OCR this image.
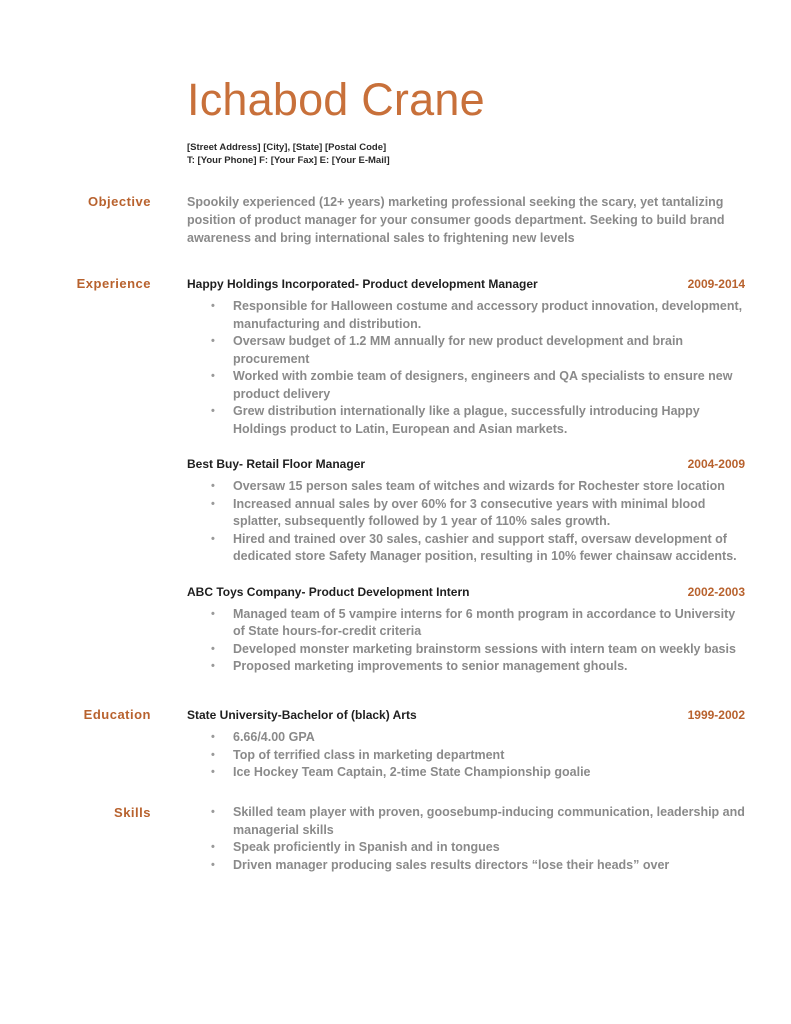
Ichabod Crane
[Street Address] [City], [State] [Postal Code]
T: [Your Phone] F: [Your Fax] E: [Your E-Mail]
Objective	Spookily experienced (12+ years) marketing professional seeking the scary, yet tantalizing position of product manager for your consumer goods department. Seeking to build brand awareness and bring international sales to frightening new levels

Experience	Happy Holdings Incorporated- Product development Manager	2009-2014
• Responsible for Halloween costume and accessory product innovation, development, manufacturing and distribution.
• Oversaw budget of 1.2 MM annually for new product development and brain procurement
• Worked with zombie team of designers, engineers and QA specialists to ensure new product delivery
• Grew distribution internationally like a plague, successfully introducing Happy Holdings product to Latin, European and Asian markets.
Best Buy- Retail Floor Manager	2004-2009
• Oversaw 15 person sales team of witches and wizards for Rochester store location
• Increased annual sales by over 60% for 3 consecutive years with minimal blood splatter, subsequently followed by 1 year of 110% sales growth.
• Hired and trained over 30 sales, cashier and support staff, oversaw development of dedicated store Safety Manager position, resulting in 10% fewer chainsaw accidents.
ABC Toys Company- Product Development Intern	2002-2003
• Managed team of 5 vampire interns for 6 month program in accordance to University of State hours-for-credit criteria
• Developed monster marketing brainstorm sessions with intern team on weekly basis
• Proposed marketing improvements to senior management ghouls.
Education	State University-Bachelor of (black) Arts	1999-2002
• 6.66/4.00 GPA
• Top of terrified class in marketing department
• Ice Hockey Team Captain, 2-time State Championship goalie
Skills
•	Skilled team player with proven, goosebump-inducing communication, leadership and managerial skills
• Speak proficiently in Spanish and in tongues
• Driven manager producing sales results directors “lose their heads” over
